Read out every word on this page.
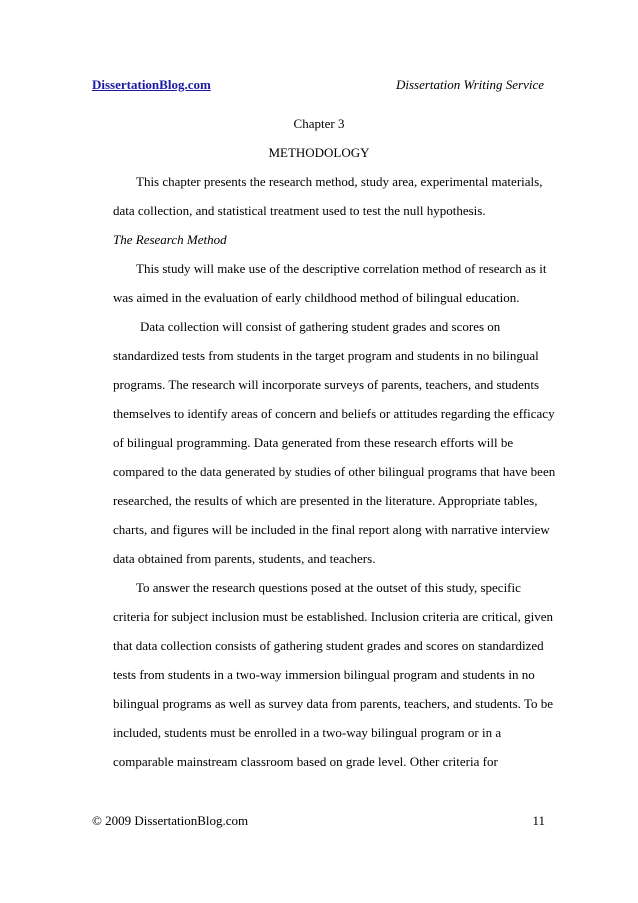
DissertationBlog.com	Dissertation Writing Service
Chapter 3
METHODOLOGY
This chapter presents the research method, study area, experimental materials,
data collection, and statistical treatment used to test the null hypothesis.
The Research Method
This study will make use of the descriptive correlation method of research as it
was aimed in the evaluation of early childhood method of bilingual education.
Data collection will consist of gathering student grades and scores on
standardized tests from students in the target program and students in no bilingual
programs. The research will incorporate surveys of parents, teachers, and students
themselves to identify areas of concern and beliefs or attitudes regarding the efficacy
of bilingual programming. Data generated from these research efforts will be
compared to the data generated by studies of other bilingual programs that have been
researched, the results of which are presented in the literature. Appropriate tables,
charts, and figures will be included in the final report along with narrative interview
data obtained from parents, students, and teachers.
To answer the research questions posed at the outset of this study, specific
criteria for subject inclusion must be established. Inclusion criteria are critical, given
that data collection consists of gathering student grades and scores on standardized
tests from students in a two-way immersion bilingual program and students in no
bilingual programs as well as survey data from parents, teachers, and students. To be
included, students must be enrolled in a two-way bilingual program or in a
comparable mainstream classroom based on grade level. Other criteria for
© 2009 DissertationBlog.com	11
